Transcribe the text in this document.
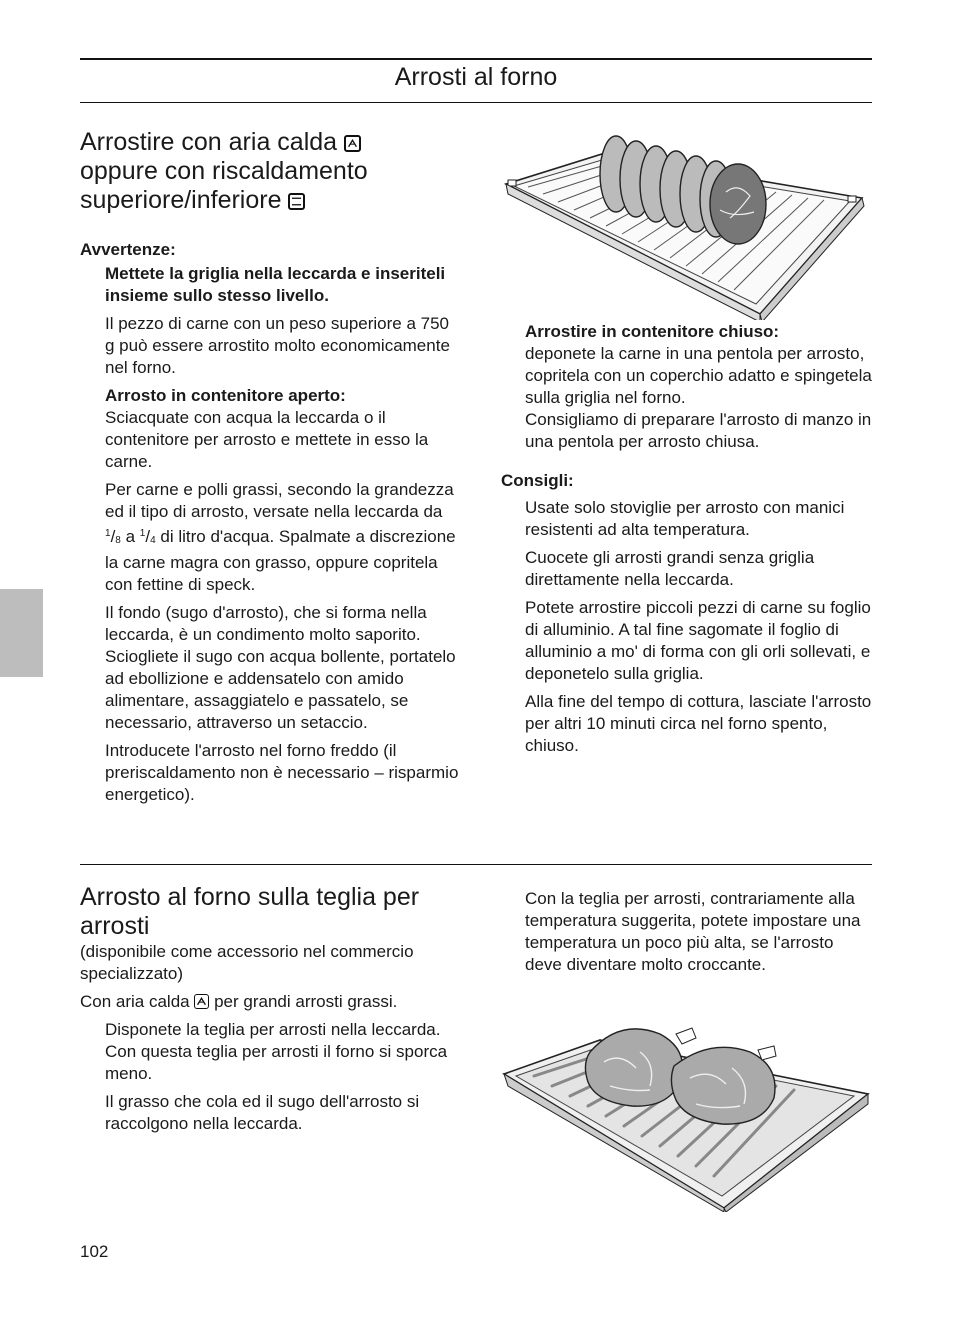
Arrosti al forno
Arrostire con aria calda
oppure con riscaldamento
superiore/inferiore
Avvertenze:
Mettete la griglia nella leccarda e inseriteli insieme sullo stesso livello.
Il pezzo di carne con un peso superiore a 750 g può essere arrostito molto economicamente nel forno.
Arrosto in contenitore aperto:
Sciacquate con acqua la leccarda o il contenitore per arrosto e mettete in esso la carne.
Per carne e polli grassi, secondo la grandezza ed il tipo di arrosto, versate nella leccarda da $^1$/8 a $^1$/4 di litro d'acqua. Spalmate a discrezione la carne magra con grasso, oppure copritela con fettine di speck.
Il fondo (sugo d'arrosto), che si forma nella leccarda, è un condimento molto saporito. Sciogliete il sugo con acqua bollente, portatelo ad ebollizione e addensatelo con amido alimentare, assaggiatelo e passatelo, se necessario, attraverso un setaccio.
Introducete l'arrosto nel forno freddo (il preriscaldamento non è necessario – risparmio energetico).
Arrostire in contenitore chiuso:
deponete la carne in una pentola per arrosto, copritela con un coperchio adatto e spingetela sulla griglia nel forno.
Consigliamo di preparare l'arrosto di manzo in una pentola per arrosto chiusa.
Consigli:
Usate solo stoviglie per arrosto con manici resistenti ad alta temperatura.
Cuocete gli arrosti grandi senza griglia direttamente nella leccarda.
Potete arrostire piccoli pezzi di carne su foglio di alluminio. A tal fine sagomate il foglio di alluminio a mo' di forma con gli orli sollevati, e deponetelo sulla griglia.
Alla fine del tempo di cottura, lasciate l'arrosto per altri 10 minuti circa nel forno spento, chiuso.
Arrosto al forno sulla teglia per arrosti
(disponibile come accessorio nel commercio specializzato)
Con aria calda per grandi arrosti grassi.
Disponete la teglia per arrosti nella leccarda. Con questa teglia per arrosti il forno si sporca meno.
Il grasso che cola ed il sugo dell'arrosto si raccolgono nella leccarda.
Con la teglia per arrosti, contrariamente alla temperatura suggerita, potete impostare una temperatura un poco più alta, se l'arrosto deve diventare molto croccante.
102
